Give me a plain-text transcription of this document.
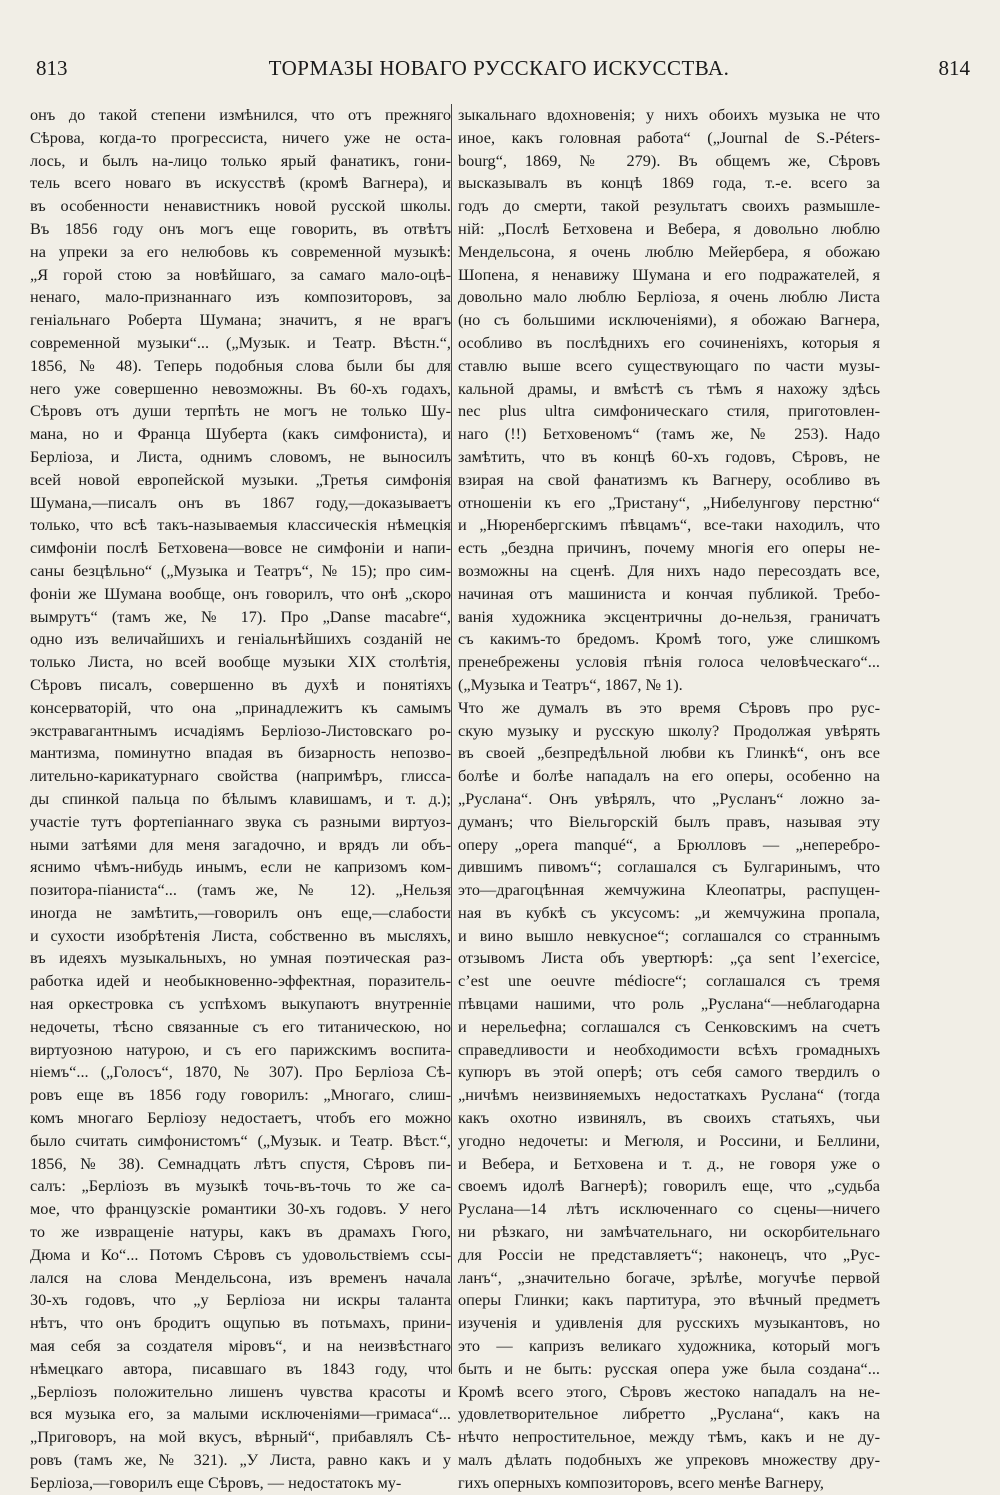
813	ТОРМАЗЫ НОВАГО РУССКАГО ИСКУССТВА.	814
онъ до такой степени измѣнился, что отъ прежняго
Сѣрова, когда-то прогрессиста, ничего уже не оста-
лось, и былъ на-лицо только ярый фанатикъ, гони-
тель всего новаго въ искусствѣ (кромѣ Вагнера), и
въ особенности ненавистникъ новой русской школы.
Въ 1856 году онъ могъ еще говорить, въ отвѣтъ
на упреки за его нелюбовь къ современной музыкѣ:
„Я горой стою за новѣйшаго, за самаго мало-оцѣ-
ненаго, мало-признаннаго изъ композиторовъ, за
геніальнаго Роберта Шумана; значитъ, я не врагъ
современной музыки“... („Музык. и Театр. Вѣстн.“,
1856, № 48). Теперь подобныя слова были бы для
него уже совершенно невозможны. Въ 60-хъ годахъ,
Сѣровъ отъ души терпѣть не могъ не только Шу-
мана, но и Франца Шуберта (какъ симфониста), и
Берліоза, и Листа, однимъ словомъ, не выносилъ
всей новой европейской музыки. „Третья симфонія
Шумана,—писалъ онъ въ 1867 году,—доказываетъ
только, что всѣ такъ-называемыя классическія нѣмецкія
симфоніи послѣ Бетховена—вовсе не симфоніи и напи-
саны безцѣльно“ („Музыка и Театръ“, № 15); про сим-
фоніи же Шумана вообще, онъ говорилъ, что онѣ „скоро
вымрутъ“ (тамъ же, № 17). Про „Danse macabre“,
одно изъ величайшихъ и геніальнѣйшихъ созданій не
только Листа, но всей вообще музыки XIX столѣтія,
Сѣровъ писалъ, совершенно въ духѣ и понятіяхъ
консерваторій, что она „принадлежитъ къ самымъ
экстравагантнымъ исчадіямъ Берліозо-Листовскаго ро-
мантизма, поминутно впадая въ бизарность непозво-
лительно-карикатурнаго свойства (напримѣръ, глисса-
ды спинкой пальца по бѣлымъ клавишамъ, и т. д.);
участіе тутъ фортепіаннаго звука съ разными виртуоз-
ными затѣями для меня загадочно, и врядъ ли объ-
яснимо чѣмъ-нибудь инымъ, если не капризомъ ком-
позитора-піаниста“... (тамъ же, № 12). „Нельзя
иногда не замѣтить,—говорилъ онъ еще,—слабости
и сухости изобрѣтенія Листа, собственно въ мысляхъ,
въ идеяхъ музыкальныхъ, но умная поэтическая раз-
работка идей и необыкновенно-эффектная, поразитель-
ная оркестровка съ успѣхомъ выкупаютъ внутренніе
недочеты, тѣсно связанные съ его титаническою, но
виртуозною натурою, и съ его парижскимъ воспита-
ніемъ“... („Голосъ“, 1870, № 307). Про Берліоза Сѣ-
ровъ еще въ 1856 году говорилъ: „Многаго, слиш-
комъ многаго Берліозу недостаетъ, чтобъ его можно
было считать симфонистомъ“ („Музык. и Театр. Вѣст.“,
1856, № 38). Семнадцать лѣтъ спустя, Сѣровъ пи-
салъ: „Берліозъ въ музыкѣ точь-въ-точь то же са-
мое, что французскіе романтики 30-хъ годовъ. У него
то же извращеніе натуры, какъ въ драмахъ Гюго,
Дюма и Ко“... Потомъ Сѣровъ съ удовольствіемъ ссы-
лался на слова Мендельсона, изъ временъ начала
30-хъ годовъ, что „у Берліоза ни искры таланта
нѣтъ, что онъ бродитъ ощупью въ потьмахъ, прини-
мая себя за создателя міровъ“, и на неизвѣстнаго
нѣмецкаго автора, писавшаго въ 1843 году, что
„Берліозъ положительно лишенъ чувства красоты и
вся музыка его, за малыми исключеніями—гримаса“...
„Приговоръ, на мой вкусъ, вѣрный“, прибавлялъ Сѣ-
ровъ (тамъ же, № 321). „У Листа, равно какъ и у
Берліоза,—говорилъ еще Сѣровъ, — недостатокъ му-
зыкальнаго вдохновенія; у нихъ обоихъ музыка не что
иное, какъ головная работа“ („Journal de S.-Péters-
bourg“, 1869, № 279). Въ общемъ же, Сѣровъ
высказывалъ въ концѣ 1869 года, т.-е. всего за
годъ до смерти, такой результатъ своихъ размышле-
ній: „Послѣ Бетховена и Вебера, я довольно люблю
Мендельсона, я очень люблю Мейербера, я обожаю
Шопена, я ненавижу Шумана и его подражателей, я
довольно мало люблю Берліоза, я очень люблю Листа
(но съ большими исключеніями), я обожаю Вагнера,
особливо въ послѣднихъ его сочиненіяхъ, которыя я
ставлю выше всего существующаго по части музы-
кальной драмы, и вмѣстѣ съ тѣмъ я нахожу здѣсь
nec plus ultra симфоническаго стиля, приготовлен-
наго (!!) Бетховеномъ“ (тамъ же, № 253). Надо
замѣтить, что въ концѣ 60-хъ годовъ, Сѣровъ, не
взирая на свой фанатизмъ къ Вагнеру, особливо въ
отношеніи къ его „Тристану“, „Нибелунгову перстню“
и „Нюренбергскимъ пѣвцамъ“, все-таки находилъ, что
есть „бездна причинъ, почему многія его оперы не-
возможны на сценѣ. Для нихъ надо пересоздать все,
начиная отъ машиниста и кончая публикой. Требо-
ванія художника эксцентричны до-нельзя, граничатъ
съ какимъ-то бредомъ. Кромѣ того, уже слишкомъ
пренебрежены условія пѣнія голоса человѣческаго“...
(„Музыка и Театръ“, 1867, № 1).
Что же думалъ въ это время Сѣровъ про рус-
скую музыку и русскую школу? Продолжая увѣрять
въ своей „безпредѣльной любви къ Глинкѣ“, онъ все
болѣе и болѣе нападалъ на его оперы, особенно на
„Руслана“. Онъ увѣрялъ, что „Русланъ“ ложно за-
думанъ; что Віельгорскій былъ правъ, называя эту
оперу „opera manqué“, а Брюлловъ — „неперебро-
дившимъ пивомъ“; соглашался съ Булгаринымъ, что
это—драгоцѣнная жемчужина Клеопатры, распущен-
ная въ кубкѣ съ уксусомъ: „и жемчужина пропала,
и вино вышло невкусное“; соглашался со страннымъ
отзывомъ Листа объ увертюрѣ: „ça sent l’exercice,
c’est une oeuvre médiocre“; соглашался съ тремя
пѣвцами нашими, что роль „Руслана“—неблагодарна
и нерельефна; соглашался съ Сенковскимъ на счетъ
справедливости и необходимости всѣхъ громадныхъ
купюръ въ этой оперѣ; отъ себя самого твердилъ о
„ничѣмъ неизвиняемыхъ недостаткахъ Руслана“ (тогда
какъ охотно извинялъ, въ своихъ статьяхъ, чьи
угодно недочеты: и Мегюля, и Россини, и Беллини,
и Вебера, и Бетховена и т. д., не говоря уже о
своемъ идолѣ Вагнерѣ); говорилъ еще, что „судьба
Руслана—14 лѣтъ исключеннаго со сцены—ничего
ни рѣзкаго, ни замѣчательнаго, ни оскорбительнаго
для Россіи не представляетъ“; наконецъ, что „Рус-
ланъ“, „значительно богаче, зрѣлѣе, могучѣе первой
оперы Глинки; какъ партитура, это вѣчный предметъ
изученія и удивленія для русскихъ музыкантовъ, но
это — капризъ великаго художника, который могъ
быть и не быть: русская опера уже была создана“...
Кромѣ всего этого, Сѣровъ жестоко нападалъ на не-
удовлетворительное либретто „Руслана“, какъ на
нѣчто непростительное, между тѣмъ, какъ и не ду-
малъ дѣлать подобныхъ же упрековъ множеству дру-
гихъ оперныхъ композиторовъ, всего менѣе Вагнеру,
